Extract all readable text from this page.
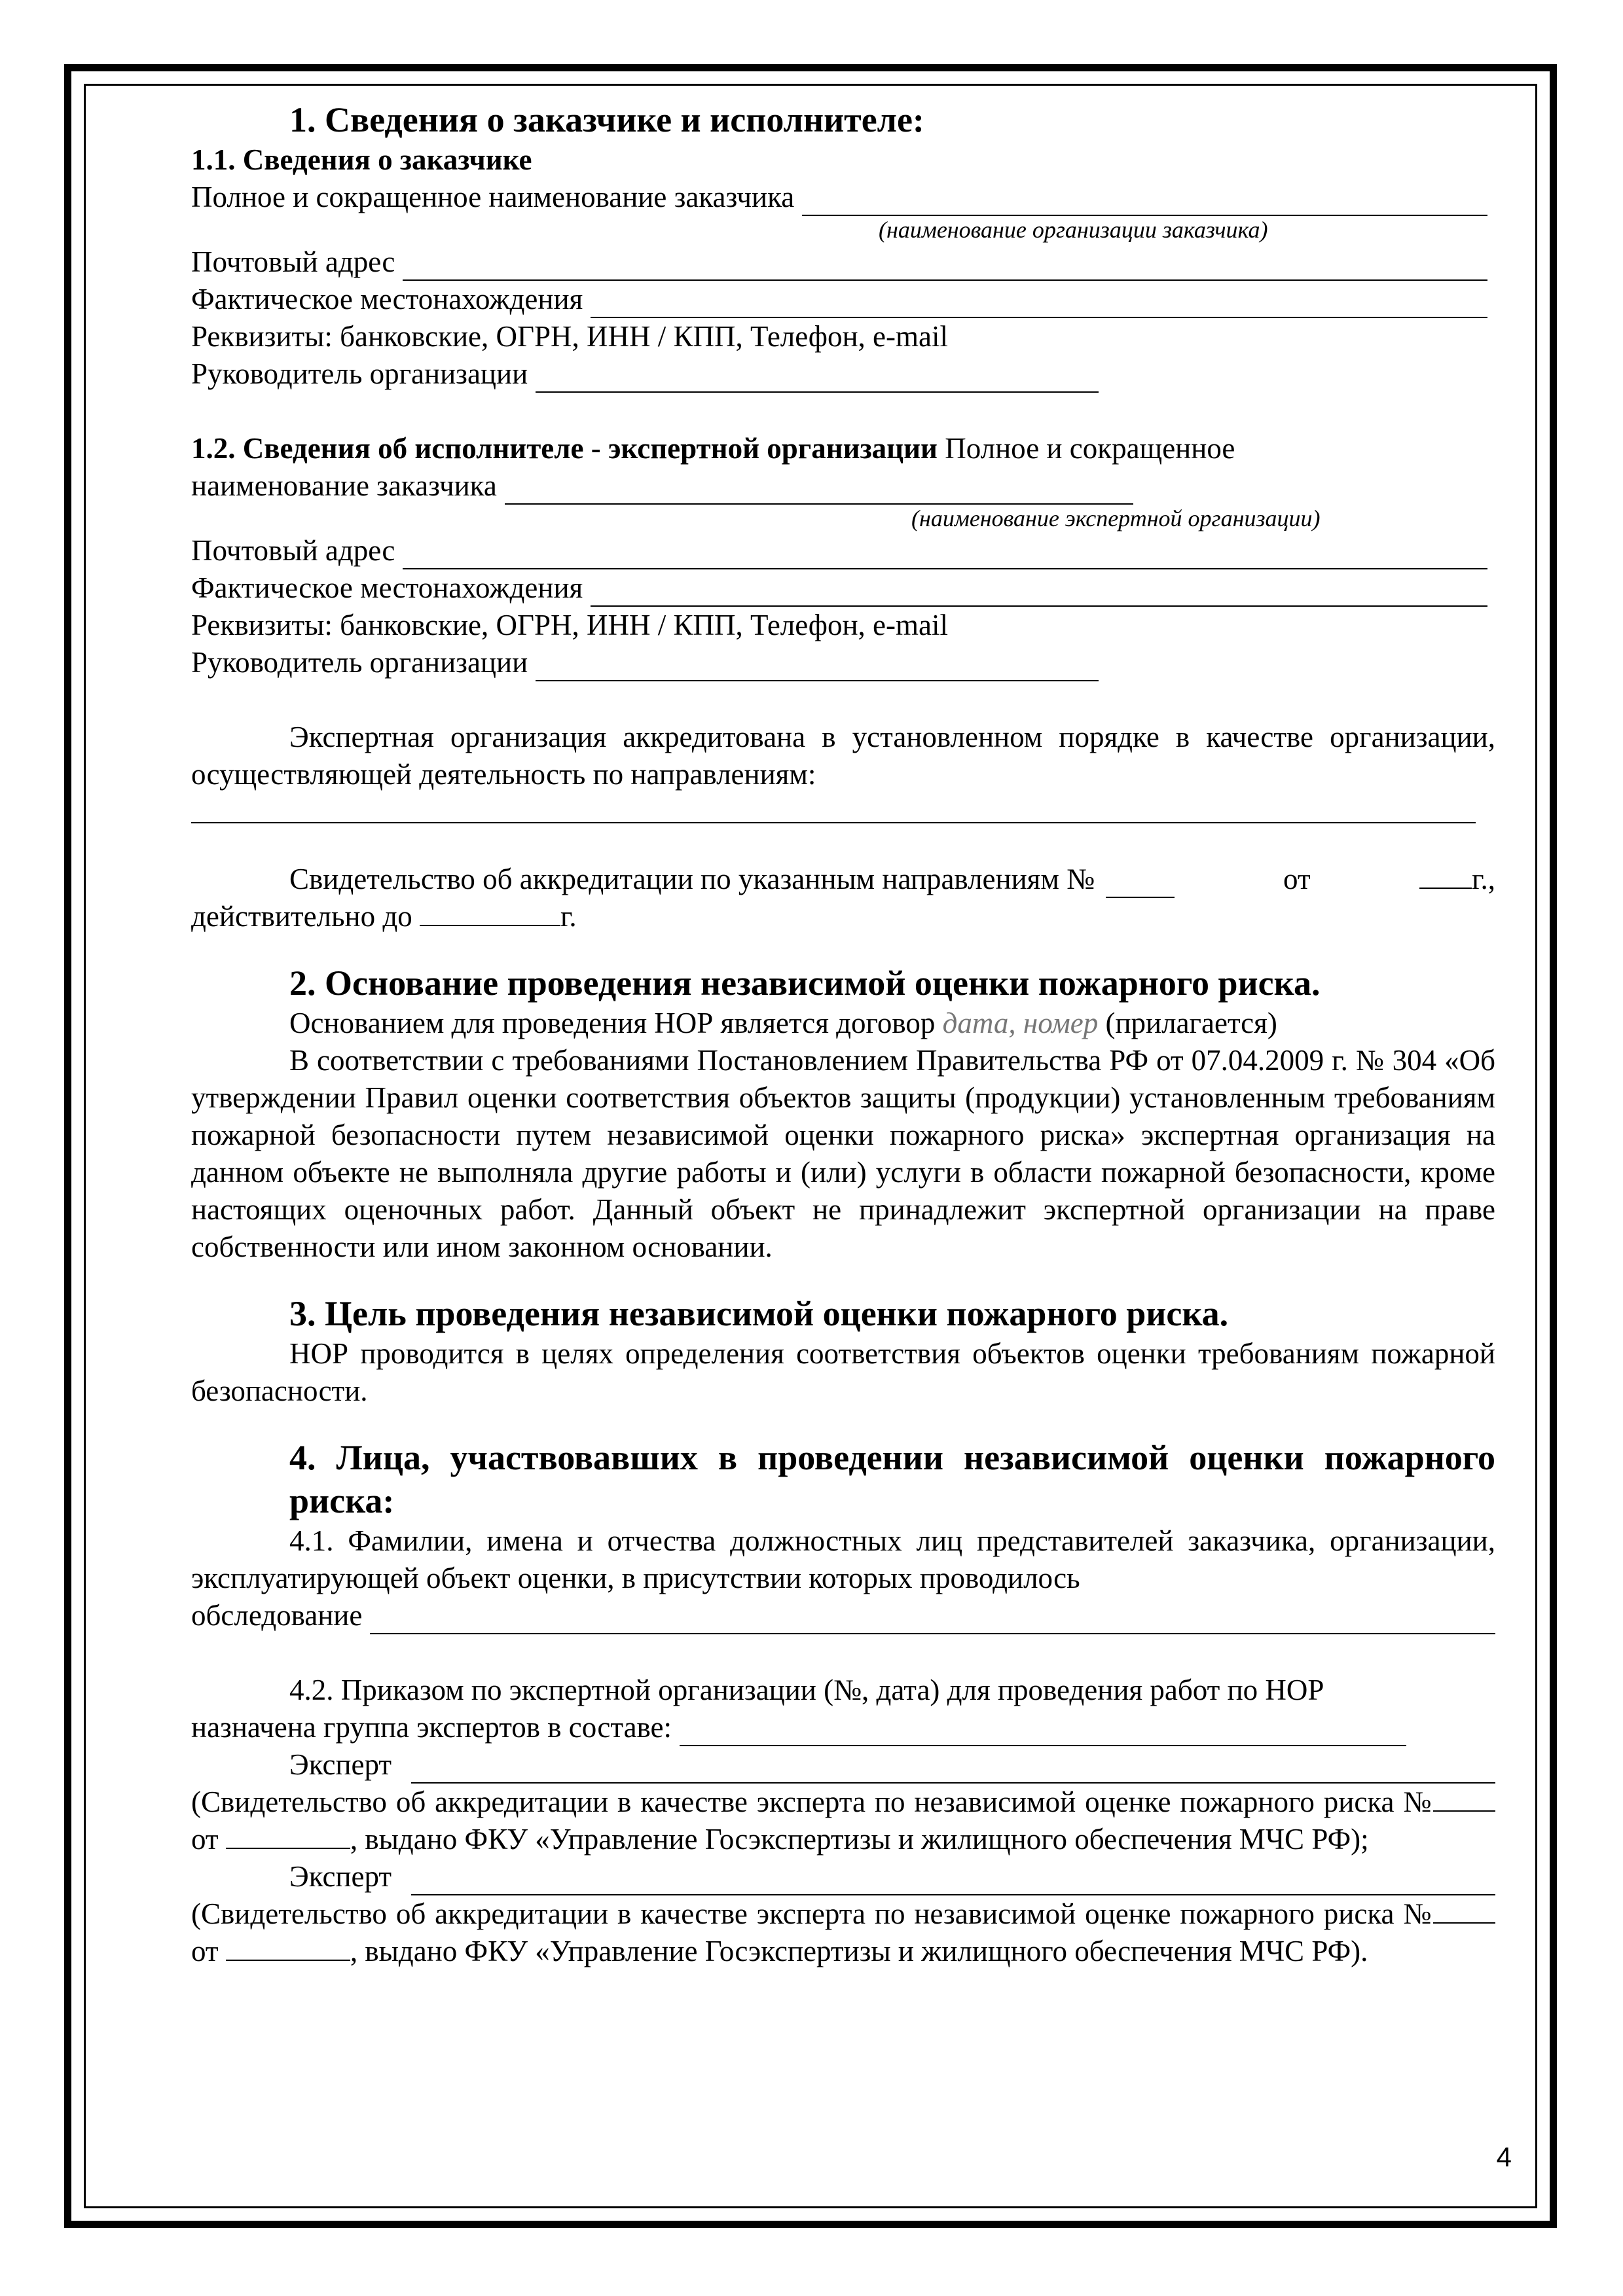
1. Сведения о заказчике и исполнителе:

1.1. Сведения о заказчике

Полное и сокращенное наименование заказчика

(наименование организации заказчика)

Почтовый адрес
Фактическое местонахождения

Реквизиты: банковские, ОГРН, ИНН / КПП, Телефон, e-mail

Руководитель организации

1.2. Сведения об исполнителе - экспертной организации Полное и сокращенное

наименование заказчика

(наименование экспертной организации)

Почтовый адрес
Фактическое местонахождения

Реквизиты: банковские, ОГРН, ИНН / КПП, Телефон, e-mail

Руководитель организации

Экспертная организация аккредитована в установленном порядке в качестве организации, осуществляющей деятельность по направлениям:

Свидетельство об аккредитации по указанным направлениям №	от	г.,

действительно до	г.

2. Основание проведения независимой оценки пожарного риска.

Основанием для проведения НОР является договор дата, номер (прилагается)

В соответствии с требованиями Постановлением Правительства РФ от 07.04.2009 г. № 304 «Об утверждении Правил оценки соответствия объектов защиты (продукции) установленным требованиям пожарной безопасности путем независимой оценки пожарного риска» экспертная организация на данном объекте не выполняла другие работы и (или) услуги в области пожарной безопасности, кроме настоящих оценочных работ. Данный объект не принадлежит экспертной организации на праве собственности или ином законном основании.

3. Цель проведения независимой оценки пожарного риска.

НОР проводится в целях определения соответствия объектов оценки требованиям пожарной безопасности.

4. Лица, участвовавших в проведении независимой оценки пожарного риска:

4.1. Фамилии, имена и отчества должностных лиц представителей заказчика, организации, эксплуатирующей объект оценки, в присутствии которых проводилось

обследование

4.2. Приказом по экспертной организации (№, дата) для проведения работ по НОР

назначена группа экспертов в составе:
Эксперт

(Свидетельство об аккредитации в качестве эксперта по независимой оценке пожарного риска № от	, выдано ФКУ «Управление Госэкспертизы и жилищного обеспечения МЧС РФ);

Эксперт

(Свидетельство об аккредитации в качестве эксперта по независимой оценке пожарного риска № от	, выдано ФКУ «Управление Госэкспертизы и жилищного обеспечения МЧС РФ).

4
